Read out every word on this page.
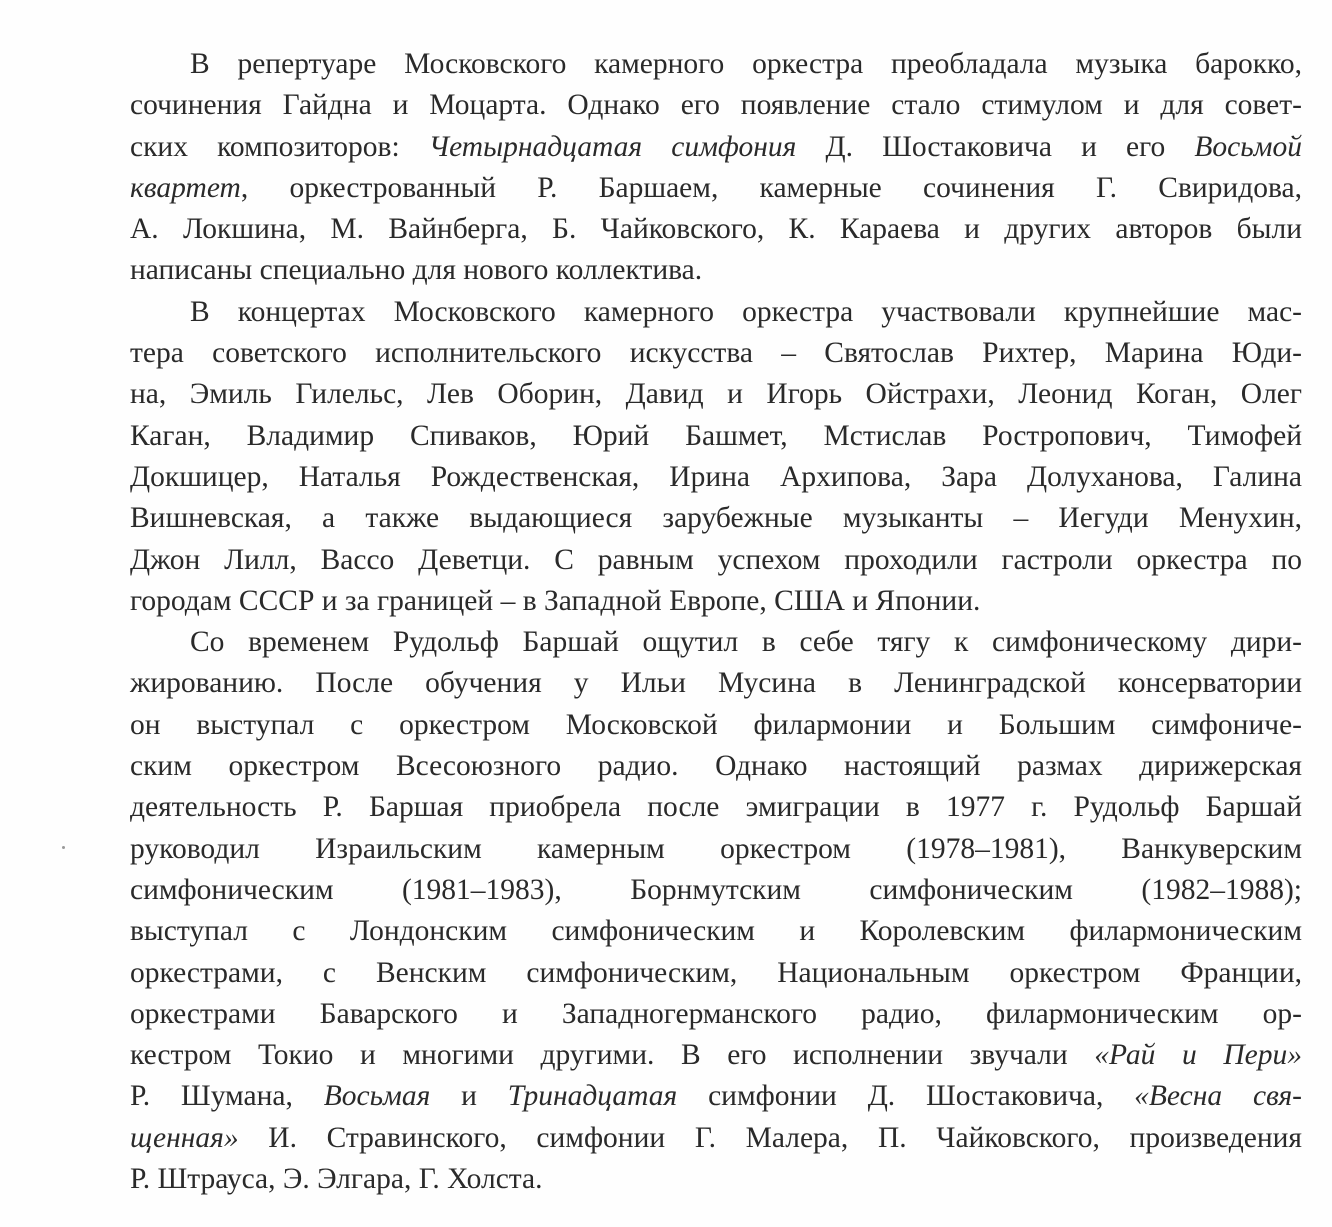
В репертуаре Московского камерного оркестра преобладала музыка барокко,
сочинения Гайдна и Моцарта. Однако его появление стало стимулом и для совет-
ских композиторов: Четырнадцатая симфония Д. Шостаковича и его Восьмой
квартет, оркестрованный Р. Баршаем, камерные сочинения Г. Свиридова,
А. Локшина, М. Вайнберга, Б. Чайковского, К. Караева и других авторов были
написаны специально для нового коллектива.
В концертах Московского камерного оркестра участвовали крупнейшие мас-
тера советского исполнительского искусства – Святослав Рихтер, Марина Юди-
на, Эмиль Гилельс, Лев Оборин, Давид и Игорь Ойстрахи, Леонид Коган, Олег
Каган, Владимир Спиваков, Юрий Башмет, Мстислав Ростропович, Тимофей
Докшицер, Наталья Рождественская, Ирина Архипова, Зара Долуханова, Галина
Вишневская, а также выдающиеся зарубежные музыканты – Иегуди Менухин,
Джон Лилл, Вассо Деветци. С равным успехом проходили гастроли оркестра по
городам СССР и за границей – в Западной Европе, США и Японии.
Со временем Рудольф Баршай ощутил в себе тягу к симфоническому дири-
жированию. После обучения у Ильи Мусина в Ленинградской консерватории
он выступал с оркестром Московской филармонии и Большим симфониче-
ским оркестром Всесоюзного радио. Однако настоящий размах дирижерская
деятельность Р. Баршая приобрела после эмиграции в 1977 г. Рудольф Баршай
руководил Израильским камерным оркестром (1978–1981), Ванкуверским
симфоническим (1981–1983), Борнмутским симфоническим (1982–1988);
выступал с Лондонским симфоническим и Королевским филармоническим
оркестрами, с Венским симфоническим, Национальным оркестром Франции,
оркестрами Баварского и Западногерманского радио, филармоническим ор-
кестром Токио и многими другими. В его исполнении звучали «Рай и Пери»
Р. Шумана, Восьмая и Тринадцатая симфонии Д. Шостаковича, «Весна свя-
щенная» И. Стравинского, симфонии Г. Малера, П. Чайковского, произведения
Р. Штрауса, Э. Элгара, Г. Холста.
